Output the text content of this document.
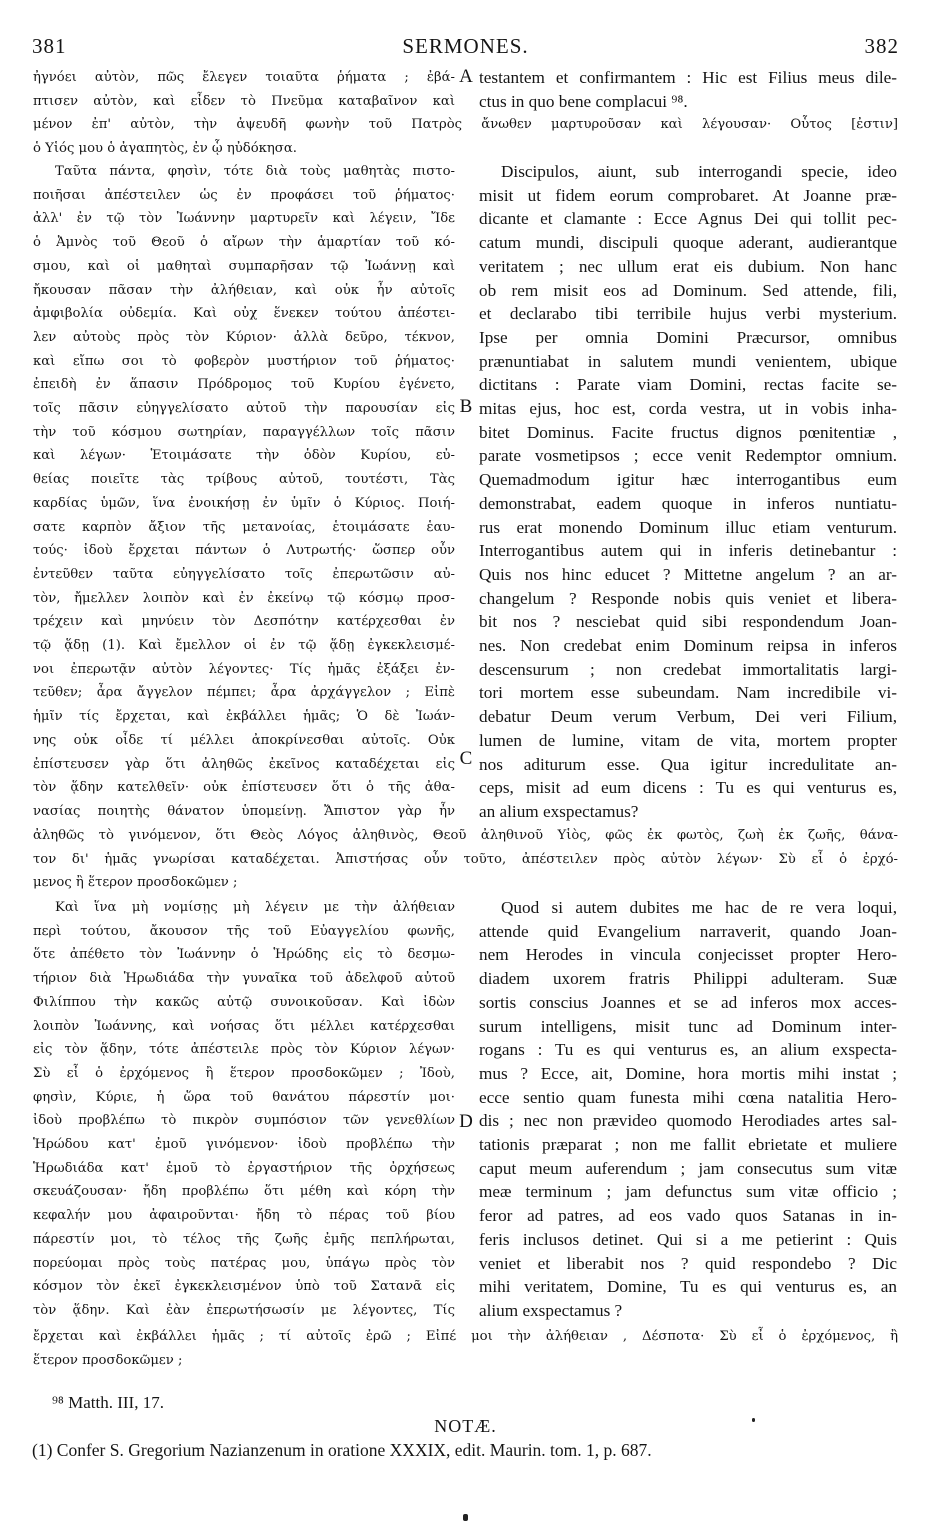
381	SERMONES.	382
ἠγνόει αὐτὸν, πῶς ἔλεγεν τοιαῦτα ῥήματα ; ἐβά-
πτισεν αὐτὸν, καὶ εἶδεν τὸ Πνεῦμα καταβαῖνον καὶ
A testantem et confirmantem : Hic est Filius meus dile-
ctus in quo bene complacui ⁹⁸.
μένον ἐπ' αὐτὸν, τὴν ἀψευδῆ φωνὴν τοῦ Πατρὸς ἄνωθεν μαρτυροῦσαν καὶ λέγουσαν· Οὗτος [ἐστιν]
ὁ Υἱός μου ὁ ἀγαπητὸς, ἐν ᾧ ηὐδόκησα.
Ταῦτα πάντα, φησὶν, τότε διὰ τοὺς μαθητὰς πιστο-
ποιῆσαι ἀπέστειλεν ὡς ἐν προφάσει τοῦ ῥήματος·
ἀλλ' ἐν τῷ τὸν Ἰωάννην μαρτυρεῖν καὶ λέγειν, Ἴδε
ὁ Ἀμνὸς τοῦ Θεοῦ ὁ αἴρων τὴν ἁμαρτίαν τοῦ κό-
σμου, καὶ οἱ μαθηταὶ συμπαρῆσαν τῷ Ἰωάννῃ καὶ
ἤκουσαν πᾶσαν τὴν ἀλήθειαν, καὶ οὐκ ἦν αὐτοῖς
ἀμφιβολία οὐδεμία. Καὶ οὐχ ἕνεκεν τούτου ἀπέστει-
λεν αὐτοὺς πρὸς τὸν Κύριον· ἀλλὰ δεῦρο, τέκνον,
καὶ εἴπω σοι τὸ φοβερὸν μυστήριον τοῦ ῥήματος·
ἐπειδὴ ἐν ἅπασιν Πρόδρομος τοῦ Κυρίου ἐγένετο,
τοῖς πᾶσιν εὐηγγελίσατο αὐτοῦ τὴν παρουσίαν εἰς
τὴν τοῦ κόσμου σωτηρίαν, παραγγέλλων τοῖς πᾶσιν
καὶ λέγων· Ἑτοιμάσατε τὴν ὁδὸν Κυρίου, εὐ-
θείας ποιεῖτε τὰς τρίβους αὐτοῦ, τουτέστι, Τὰς
καρδίας ὑμῶν, ἵνα ἐνοικήσῃ ἐν ὑμῖν ὁ Κύριος. Ποιή-
σατε καρπὸν ἄξιον τῆς μετανοίας, ἑτοιμάσατε ἑαυ-
τούς· ἰδοὺ ἔρχεται πάντων ὁ Λυτρωτής· ὥσπερ οὖν
ἐντεῦθεν ταῦτα εὐηγγελίσατο τοῖς ἐπερωτῶσιν αὐ-
τὸν, ἤμελλεν λοιπὸν καὶ ἐν ἐκείνῳ τῷ κόσμῳ προσ-
τρέχειν καὶ μηνύειν τὸν Δεσπότην κατέρχεσθαι ἐν
τῷ ᾅδῃ (1). Καὶ ἔμελλον οἱ ἐν τῷ ᾅδῃ ἐγκεκλεισμέ-
νοι ἐπερωτᾷν αὐτὸν λέγοντες· Τίς ἡμᾶς ἐξάξει ἐν-
τεῦθεν; ἆρα ἄγγελον πέμπει; ἆρα ἀρχάγγελον ; Εἰπὲ
ἡμῖν τίς ἔρχεται, καὶ ἐκβάλλει ἡμᾶς; Ὁ δὲ Ἰωάν-
νης οὐκ οἶδε τί μέλλει ἀποκρίνεσθαι αὐτοῖς. Οὐκ
ἐπίστευσεν γὰρ ὅτι ἀληθῶς ἐκεῖνος καταδέχεται εἰς
τὸν ᾅδην κατελθεῖν· οὐκ ἐπίστευσεν ὅτι ὁ τῆς ἀθα-
νασίας ποιητὴς θάνατον ὑπομείνῃ. Ἄπιστον γὰρ ἦν
B
C
Discipulos, aiunt, sub interrogandi specie, ideo
misit ut fidem eorum comprobaret. At Joanne præ-
dicante et clamante : Ecce Agnus Dei qui tollit pec-
catum mundi, discipuli quoque aderant, audierantque
veritatem ; nec ullum erat eis dubium. Non hanc
ob rem misit eos ad Dominum. Sed attende, fili,
et declarabo tibi terribile hujus verbi mysterium.
Ipse per omnia Domini Præcursor, omnibus
prænuntiabat in salutem mundi venientem, ubique
dictitans : Parate viam Domini, rectas facite se-
mitas ejus, hoc est, corda vestra, ut in vobis inha-
bitet Dominus. Facite fructus dignos pœnitentiæ ,
parate vosmetipsos ; ecce venit Redemptor omnium.
Quemadmodum igitur hæc interrogantibus eum
demonstrabat, eadem quoque in inferos nuntiatu-
rus erat monendo Dominum illuc etiam venturum.
Interrogantibus autem qui in inferis detinebantur :
Quis nos hinc educet ? Mittetne angelum ? an ar-
changelum ? Responde nobis quis veniet et libera-
bit nos ? nesciebat quid sibi respondendum Joan-
nes. Non credebat enim Dominum reipsa in inferos
descensurum ; non credebat immortalitatis largi-
tori mortem esse subeundam. Nam incredibile vi-
debatur Deum verum Verbum, Dei veri Filium,
lumen de lumine, vitam de vita, mortem propter
nos aditurum esse. Qua igitur incredulitate an-
ceps, misit ad eum dicens : Tu es qui venturus es,
an alium exspectamus?
ἀληθῶς τὸ γινόμενον, ὅτι Θεὸς Λόγος ἀληθινὸς, Θεοῦ ἀληθινοῦ Υἱὸς, φῶς ἐκ φωτὸς, ζωὴ ἐκ ζωῆς, θάνα-
τον δι' ἡμᾶς γνωρίσαι καταδέχεται. Ἀπιστήσας οὖν τοῦτο, ἀπέστειλεν πρὸς αὐτὸν λέγων· Σὺ εἶ ὁ ἐρχό-
μενος ἢ ἕτερον προσδοκῶμεν ;
Καὶ ἵνα μὴ νομίσῃς μὴ λέγειν με τὴν ἀλήθειαν
περὶ τούτου, ἄκουσον τῆς τοῦ Εὐαγγελίου φωνῆς,
ὅτε ἀπέθετο τὸν Ἰωάννην ὁ Ἡρώδης εἰς τὸ δεσμω-
τήριον διὰ Ἡρωδιάδα τὴν γυναῖκα τοῦ ἀδελφοῦ αὐτοῦ
Φιλίππου τὴν κακῶς αὐτῷ συνοικοῦσαν. Καὶ ἰδὼν
λοιπὸν Ἰωάννης, καὶ νοήσας ὅτι μέλλει κατέρχεσθαι
εἰς τὸν ᾅδην, τότε ἀπέστειλε πρὸς τὸν Κύριον λέγων·
Σὺ εἶ ὁ ἐρχόμενος ἢ ἕτερον προσδοκῶμεν ; Ἰδοὺ,
φησὶν, Κύριε, ἡ ὥρα τοῦ θανάτου πάρεστίν μοι·
ἰδοὺ προβλέπω τὸ πικρὸν συμπόσιον τῶν γενεθλίων
Ἡρώδου κατ' ἐμοῦ γινόμενον· ἰδοὺ προβλέπω τὴν
Ἡρωδιάδα κατ' ἐμοῦ τὸ ἐργαστήριον τῆς ὀρχήσεως
σκευάζουσαν· ἤδη προβλέπω ὅτι μέθη καὶ κόρη τὴν
κεφαλήν μου ἀφαιροῦνται· ἤδη τὸ πέρας τοῦ βίου
πάρεστίν μοι, τὸ τέλος τῆς ζωῆς ἐμῆς πεπλήρωται,
πορεύομαι πρὸς τοὺς πατέρας μου, ὑπάγω πρὸς τὸν
κόσμον τὸν ἐκεῖ ἐγκεκλεισμένον ὑπὸ τοῦ Σατανᾶ εἰς
τὸν ᾅδην. Καὶ ἐὰν ἐπερωτήσωσίν με λέγοντες, Τίς
D
Quod si autem dubites me hac de re vera loqui,
attende quid Evangelium narraverit, quando Joan-
nem Herodes in vincula conjecisset propter Hero-
diadem uxorem fratris Philippi adulteram. Suæ
sortis conscius Joannes et se ad inferos mox acces-
surum intelligens, misit tunc ad Dominum inter-
rogans : Tu es qui venturus es, an alium exspecta-
mus ? Ecce, ait, Domine, hora mortis mihi instat ;
ecce sentio quam funesta mihi cœna natalitia Hero-
dis ; nec non prævideo quomodo Herodiades artes sal-
tationis præparat ; non me fallit ebrietate et muliere
caput meum auferendum ; jam consecutus sum vitæ
meæ terminum ; jam defunctus sum vitæ officio ;
feror ad patres, ad eos vado quos Satanas in in-
feris inclusos detinet. Qui si a me petierint : Quis
veniet et liberabit nos ? quid respondebo ? Dic
mihi veritatem, Domine, Tu es qui venturus es, an
alium exspectamus ?
ἔρχεται καὶ ἐκβάλλει ἡμᾶς ; τί αὐτοῖς ἐρῶ ; Εἰπέ μοι τὴν ἀλήθειαν , Δέσποτα· Σὺ εἶ ὁ ἐρχόμενος, ἢ
ἕτερον προσδοκῶμεν ;
⁹⁸ Matth. III, 17.
NOTÆ.
(1) Confer S. Gregorium Nazianzenum in oratione XXXIX, edit. Maurin. tom. 1, p. 687.
